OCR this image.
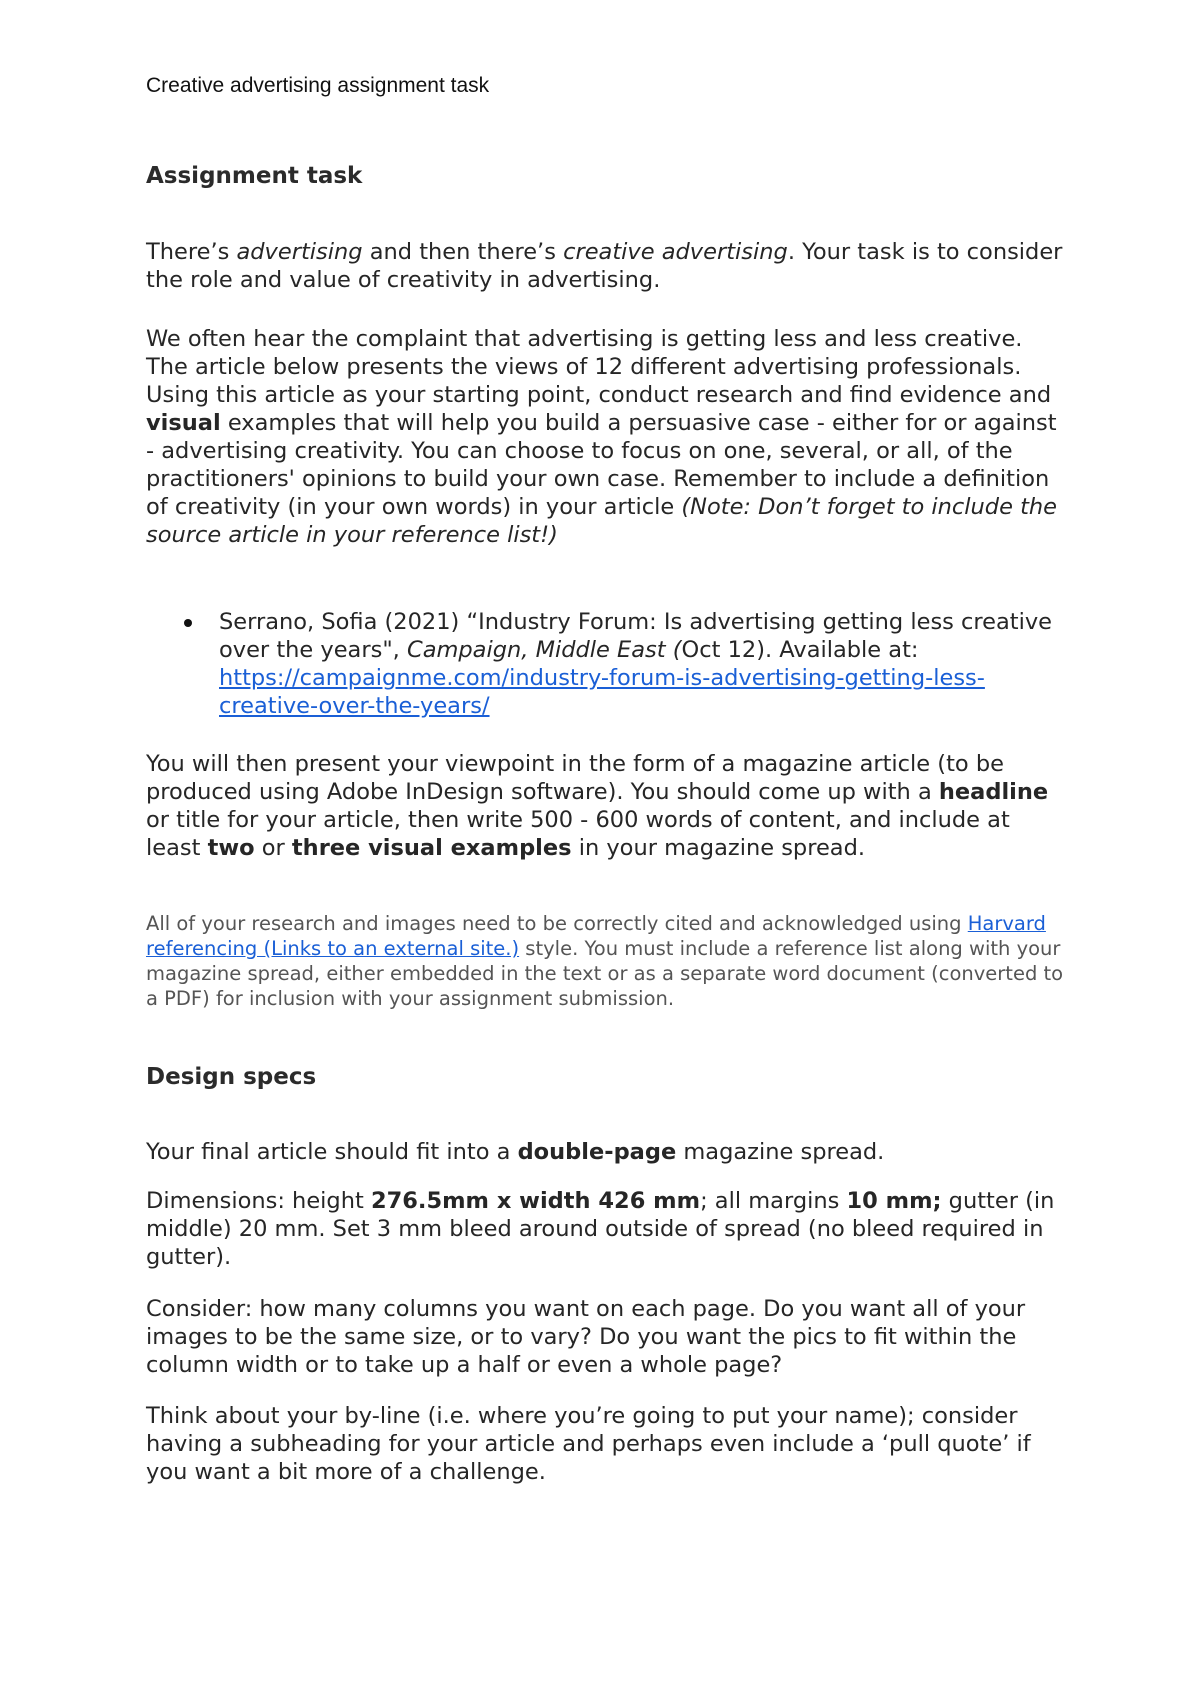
Creative advertising assignment task
Assignment task

There’s advertising and then there’s creative advertising. Your task is to consider the role and value of creativity in advertising.

We often hear the complaint that advertising is getting less and less creative. The article below presents the views of 12 different advertising professionals. Using this article as your starting point, conduct research and find evidence and visual examples that will help you build a persuasive case - either for or against - advertising creativity. You can choose to focus on one, several, or all, of the practitioners' opinions to build your own case. Remember to include a definition of creativity (in your own words) in your article (Note: Don’t forget to include the source article in your reference list!)

Serrano, Sofia (2021) “Industry Forum: Is advertising getting less creative over the years", Campaign, Middle East (Oct 12). Available at: https://campaignme.com/industry-forum-is-advertising-getting-less-creative-over-the-years/

You will then present your viewpoint in the form of a magazine article (to be produced using Adobe InDesign software). You should come up with a headline or title for your article, then write 500 - 600 words of content, and include at least two or three visual examples in your magazine spread.

All of your research and images need to be correctly cited and acknowledged using Harvard referencing (Links to an external site.) style. You must include a reference list along with your magazine spread, either embedded in the text or as a separate word document (converted to a PDF) for inclusion with your assignment submission.

Design specs

Your final article should fit into a double-page magazine spread.

Dimensions: height 276.5mm x width 426 mm; all margins 10 mm; gutter (in middle) 20 mm. Set 3 mm bleed around outside of spread (no bleed required in gutter).

Consider: how many columns you want on each page. Do you want all of your images to be the same size, or to vary? Do you want the pics to fit within the column width or to take up a half or even a whole page?

Think about your by-line (i.e. where you’re going to put your name); consider having a subheading for your article and perhaps even include a ‘pull quote’ if you want a bit more of a challenge.
